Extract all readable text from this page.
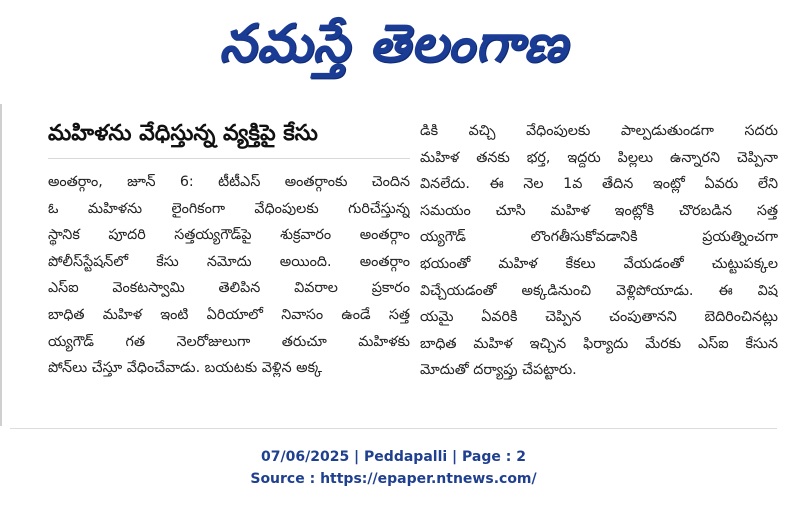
నమస్తే తెలంగాణ
మహిళను వేధిస్తున్న వ్యక్తిపై కేసు
అంతర్గాం, జూన్ 6: టీటీఎస్ అంతర్గాంకు చెందిన
ఓ మహిళను లైంగికంగా వేధింపులకు గురిచేస్తున్న
స్థానిక పూదరి సత్తయ్యగౌడ్‌పై శుక్రవారం అంతర్గాం
పోలీస్‌స్టేషన్‌లో కేసు నమోదు అయింది. అంతర్గాం
ఎస్ఐ వెంకటస్వామి తెలిపిన వివరాల ప్రకారం
బాధిత మహిళ ఇంటి ఏరియాలో నివాసం ఉండే సత్త
య్యగౌడ్ గత నెలరోజులుగా తరుచూ మహిళకు
పోన్‌లు చేస్తూ వేధించేవాడు. బయటకు వెళ్లిన అక్క
డికి వచ్చి వేధింపులకు పాల్పడుతుండగా సదరు
మహిళ తనకు భర్త, ఇద్దరు పిల్లలు ఉన్నారని చెప్పినా
వినలేదు. ఈ నెల 1వ తేదిన ఇంట్లో ఏవరు లేని
సమయం చూసి మహిళ ఇంట్లోకి చొరబడిన సత్త
య్యగౌడ్ లొంగతీసుకోవడానికి ప్రయత్నించగా
భయంతో మహిళ కేకలు వేయడంతో చుట్టుపక్కల
విచ్చేయడంతో అక్కడినుంచి వెళ్లిపోయాడు. ఈ విష
యమై ఏవరికి చెప్పిన చంపుతానని బెదిరించినట్లు
బాధిత మహిళ ఇచ్చిన ఫిర్యాదు మేరకు ఎస్ఐ కేసున
మోదుతో దర్యాప్తు చేపట్టారు.
07/06/2025 | Peddapalli | Page : 2
Source : https://epaper.ntnews.com/
